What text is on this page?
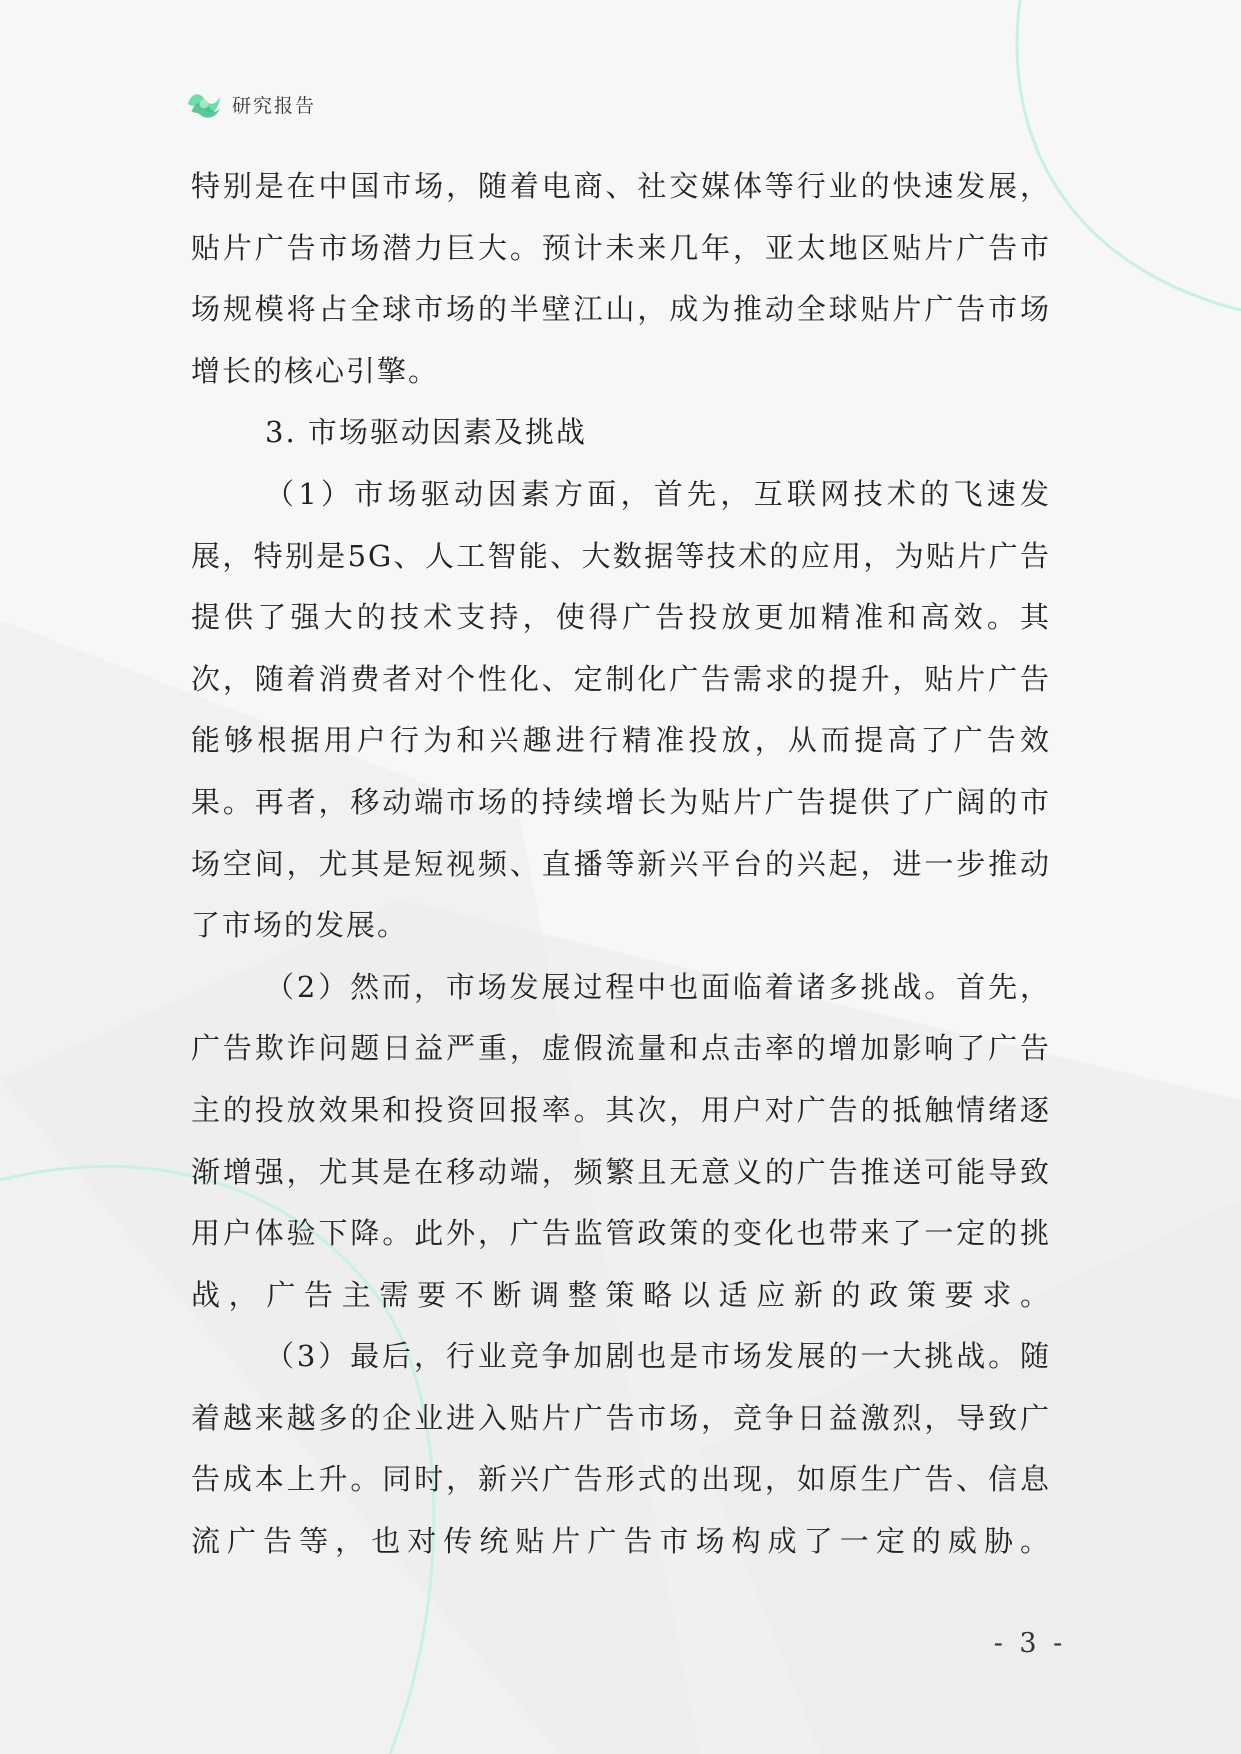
研究报告

特别是在中国市场，随着电商、社交媒体等行业的快速发展，贴片广告市场潜力巨大。预计未来几年，亚太地区贴片广告市场规模将占全球市场的半壁江山，成为推动全球贴片广告市场增长的核心引擎。

3. 市场驱动因素及挑战

（1）市场驱动因素方面，首先，互联网技术的飞速发展，特别是5G、人工智能、大数据等技术的应用，为贴片广告提供了强大的技术支持，使得广告投放更加精准和高效。其次，随着消费者对个性化、定制化广告需求的提升，贴片广告能够根据用户行为和兴趣进行精准投放，从而提高了广告效果。再者，移动端市场的持续增长为贴片广告提供了广阔的市场空间，尤其是短视频、直播等新兴平台的兴起，进一步推动了市场的发展。

（2）然而，市场发展过程中也面临着诸多挑战。首先，广告欺诈问题日益严重，虚假流量和点击率的增加影响了广告主的投放效果和投资回报率。其次，用户对广告的抵触情绪逐渐增强，尤其是在移动端，频繁且无意义的广告推送可能导致用户体验下降。此外，广告监管政策的变化也带来了一定的挑战，广告主需要不断调整策略以适应新的政策要求。

（3）最后，行业竞争加剧也是市场发展的一大挑战。随着越来越多的企业进入贴片广告市场，竞争日益激烈，导致广告成本上升。同时，新兴广告形式的出现，如原生广告、信息流广告等，也对传统贴片广告市场构成了一定的威胁。

- 3 -
